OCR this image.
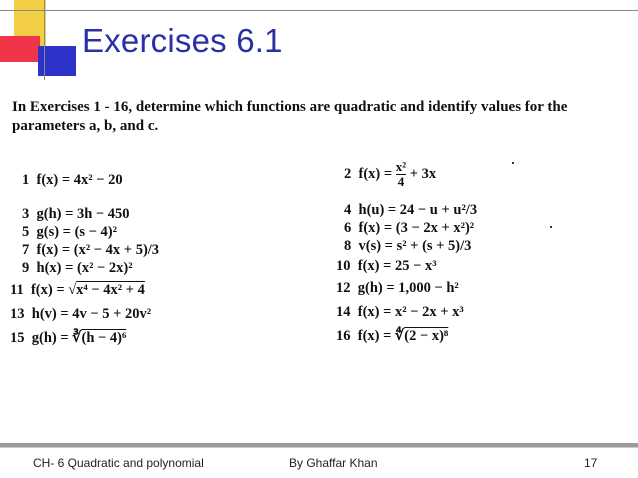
Exercises 6.1
In Exercises 1 - 16, determine which functions are quadratic and identify values for the parameters a, b, and c.
1 f(x) = 4x² − 20
3 g(h) = 3h − 450
5 g(s) = (s − 4)²
7 f(x) = (x² − 4x + 5)/3
9 h(x) = (x² − 2x)²
11 f(x) = √x⁴ − 4x² + 4
13 h(v) = 4v − 5 + 20v²
15 g(h) = ∛(h − 4)⁶
2 $f(x) = \frac{\text{x²}}{4} + 3x$
4 h(u) = 24 − u + u²/3
6 f(x) = (3 − 2x + x²)²
8 v(s) = s² + (s + 5)/3
10 f(x) = 25 − x³
12 g(h) = 1,000 − h²
14 f(x) = x² − 2x + x³
16 f(x) = ∜(2 − x)⁸
CH- 6 Quadratic and polynomial	By Ghaffar Khan	17
